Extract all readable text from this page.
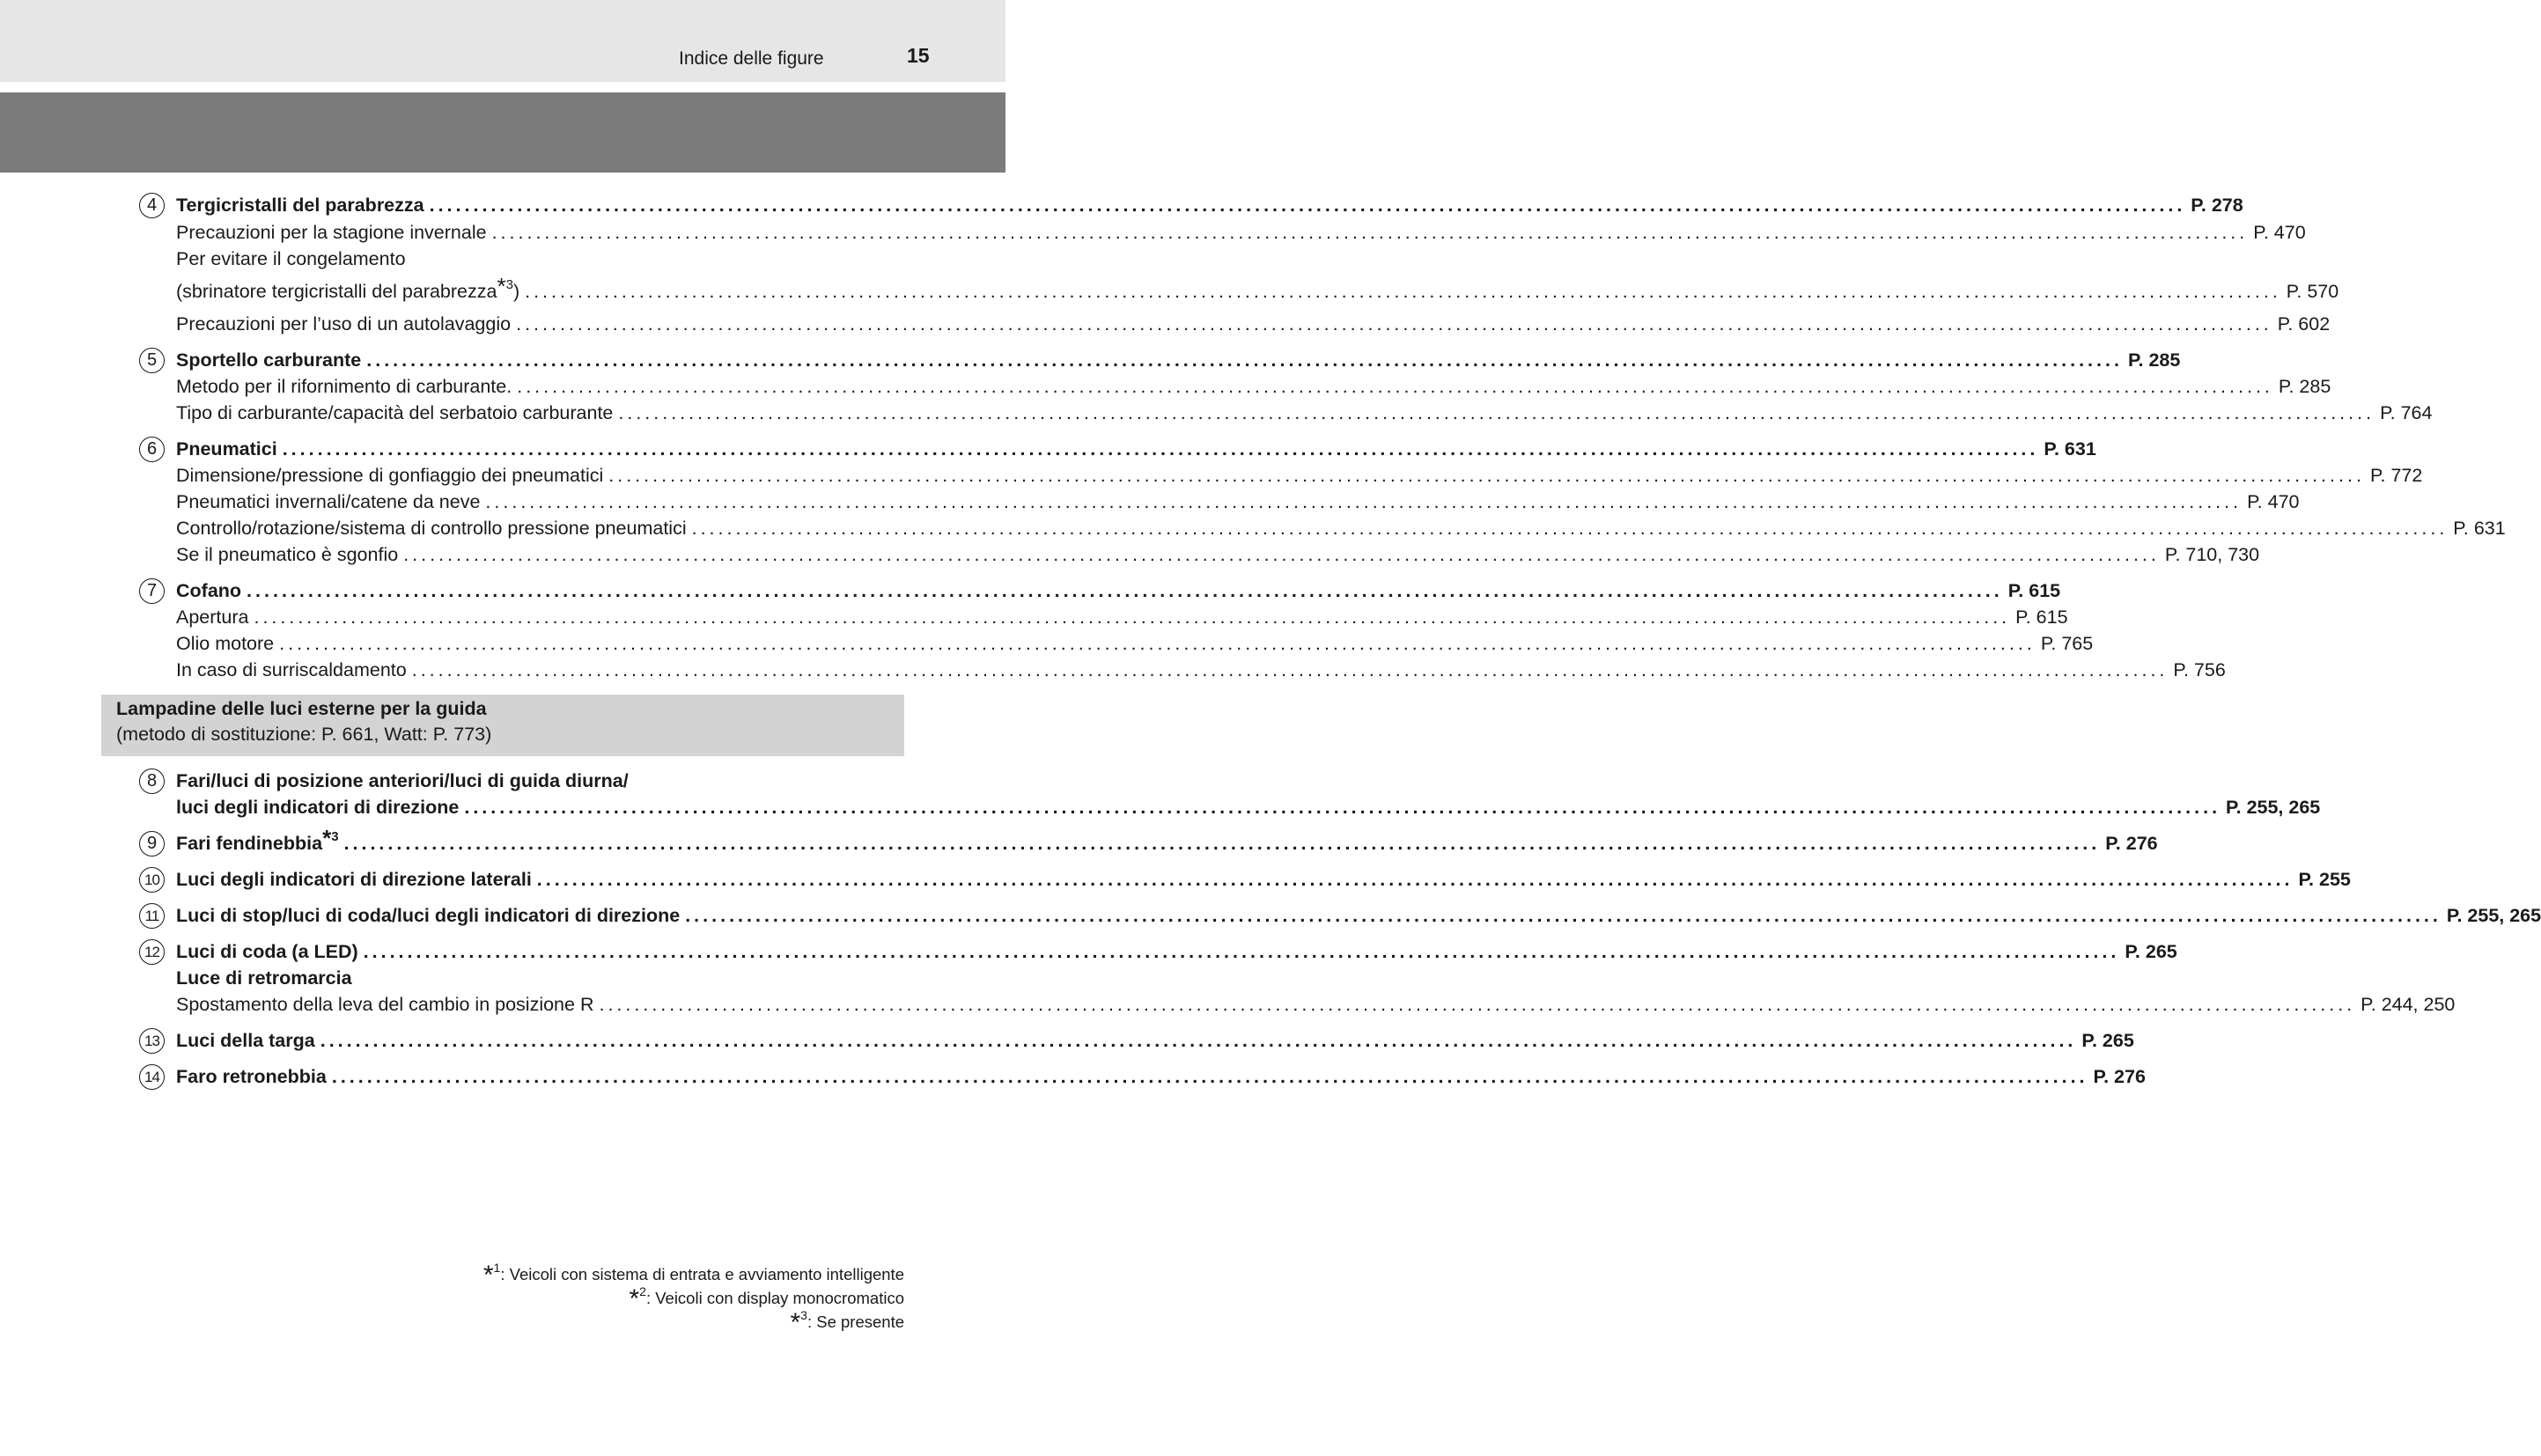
Indice delle figure	15
4	Tergicristalli del parabrezza ........................................................................................................................................................................................................ P. 278
Precauzioni per la stagione invernale ........................................................................................................................................................................................................ P. 470
Per evitare il congelamento
(sbrinatore tergicristalli del parabrezza$^{*3}$) ........................................................................................................................................................................................................ P. 570
Precauzioni per l’uso di un autolavaggio ........................................................................................................................................................................................................ P. 602
5	Sportello carburante ........................................................................................................................................................................................................ P. 285
Metodo per il rifornimento di carburante. ........................................................................................................................................................................................................ P. 285
Tipo di carburante/capacità del serbatoio carburante ........................................................................................................................................................................................................ P. 764
6	Pneumatici ........................................................................................................................................................................................................ P. 631
Dimensione/pressione di gonfiaggio dei pneumatici ........................................................................................................................................................................................................ P. 772
Pneumatici invernali/catene da neve ........................................................................................................................................................................................................ P. 470
Controllo/rotazione/sistema di controllo pressione pneumatici ........................................................................................................................................................................................................ P. 631
Se il pneumatico è sgonfio ........................................................................................................................................................................................................ P. 710, 730
7	Cofano ........................................................................................................................................................................................................ P. 615
Apertura ........................................................................................................................................................................................................ P. 615
Olio motore ........................................................................................................................................................................................................ P. 765
In caso di surriscaldamento ........................................................................................................................................................................................................ P. 756
8	Fari/luci di posizione anteriori/luci di guida diurna/
luci degli indicatori di direzione ........................................................................................................................................................................................................ P. 255, 265
9	Fari fendinebbia$^{*3}$ ........................................................................................................................................................................................................ P. 276
10 Luci degli indicatori di direzione laterali ........................................................................................................................................................................................................ P. 255
11 Luci di stop/luci di coda/luci degli indicatori di direzione ........................................................................................................................................................................................................ P. 255, 265
12 Luci di coda (a LED) ........................................................................................................................................................................................................ P. 265
Luce di retromarcia
Spostamento della leva del cambio in posizione R ........................................................................................................................................................................................................ P. 244, 250
13 Luci della targa ........................................................................................................................................................................................................ P. 265
14 Faro retronebbia ........................................................................................................................................................................................................ P. 276
Lampadine delle luci esterne per la guida
(metodo di sostituzione: P. 661, Watt: P. 773)
*$^1$: Veicoli con sistema di entrata e avviamento intelligente
*$^2$: Veicoli con display monocromatico
*$^3$: Se presente
